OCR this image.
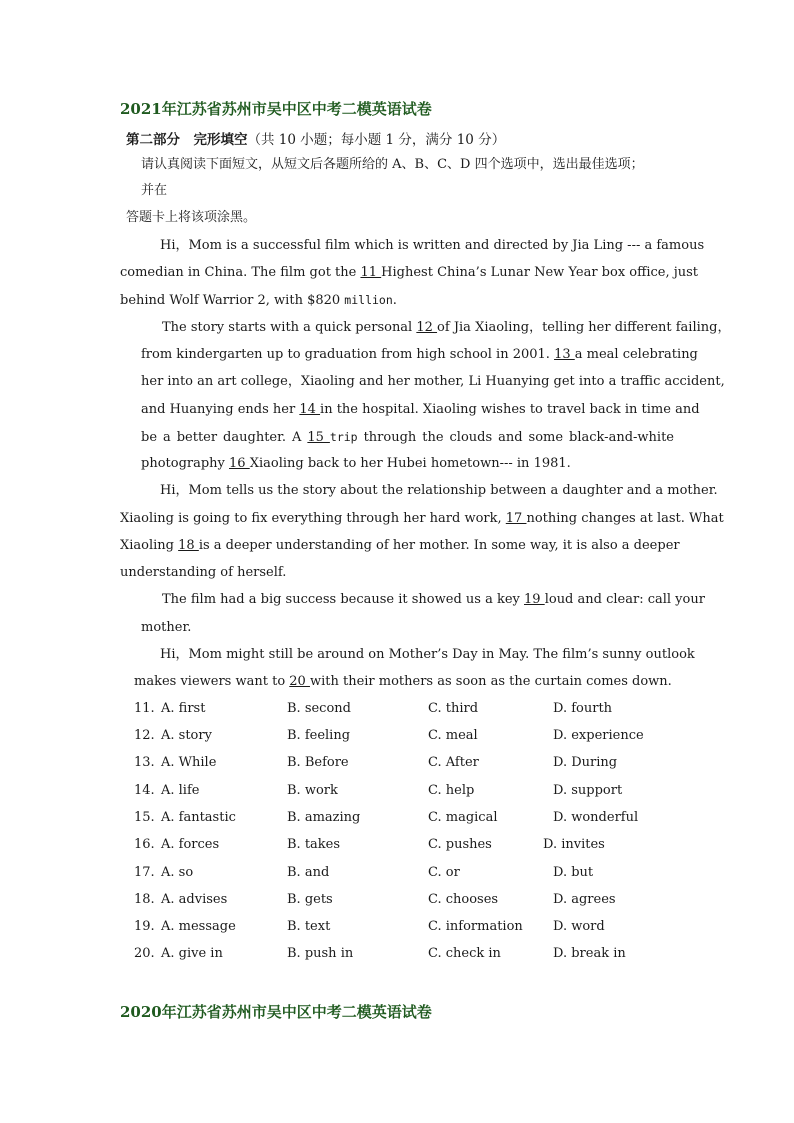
2021年江苏省苏州市吴中区中考二模英语试卷
第二部分　完形填空（共 10 小题；每小题 1 分，满分 10 分）
请认真阅读下面短文，从短文后各题所给的 A、B、C、D 四个选项中，选出最佳选项；
并在
答题卡上将该项涂黑。
Hi，Mom is a successful film which is written and directed by Jia Ling --- a famous
comedian in China. The film got the 11 Highest China’s Lunar New Year box office, just
behind Wolf Warrior 2, with $820 million.
The story starts with a quick personal 12 of Jia Xiaoling，telling her different failing，
from kindergarten up to graduation from high school in 2001. 13 a meal celebrating
her into an art college，Xiaoling and her mother, Li Huanying get into a traffic accident,
and Huanying ends her 14 in the hospital. Xiaoling wishes to travel back in time and
be a better daughter. A 15 trip through the clouds and some black-and-white
photography 16 Xiaoling back to her Hubei hometown--- in 1981.
Hi，Mom tells us the story about the relationship between a daughter and a mother.
Xiaoling is going to fix everything through her hard work, 17 nothing changes at last. What
Xiaoling 18 is a deeper understanding of her mother. In some way, it is also a deeper
understanding of herself.
The film had a big success because it showed us a key 19 loud and clear: call your
mother.
Hi，Mom might still be around on Mother’s Day in May. The film’s sunny outlook
makes viewers want to 20 with their mothers as soon as the curtain comes down.
11. A. first	B. second	C. third	D. fourth
12. A. story	B. feeling	C. meal	D. experience
13. A. While	B. Before	C. After	D. During
14. A. life	B. work	C. help	D. support
15. A. fantastic	B. amazing	C. magical	D. wonderful
16. A. forces	B. takes	C. pushes	D. invites
17. A. so	B. and	C. or	D. but
18. A. advises	B. gets	C. chooses	D. agrees
19. A. message	B. text	C. information D. word
20. A. give in	B. push in	C. check in	D. break in
2020年江苏省苏州市吴中区中考二模英语试卷
